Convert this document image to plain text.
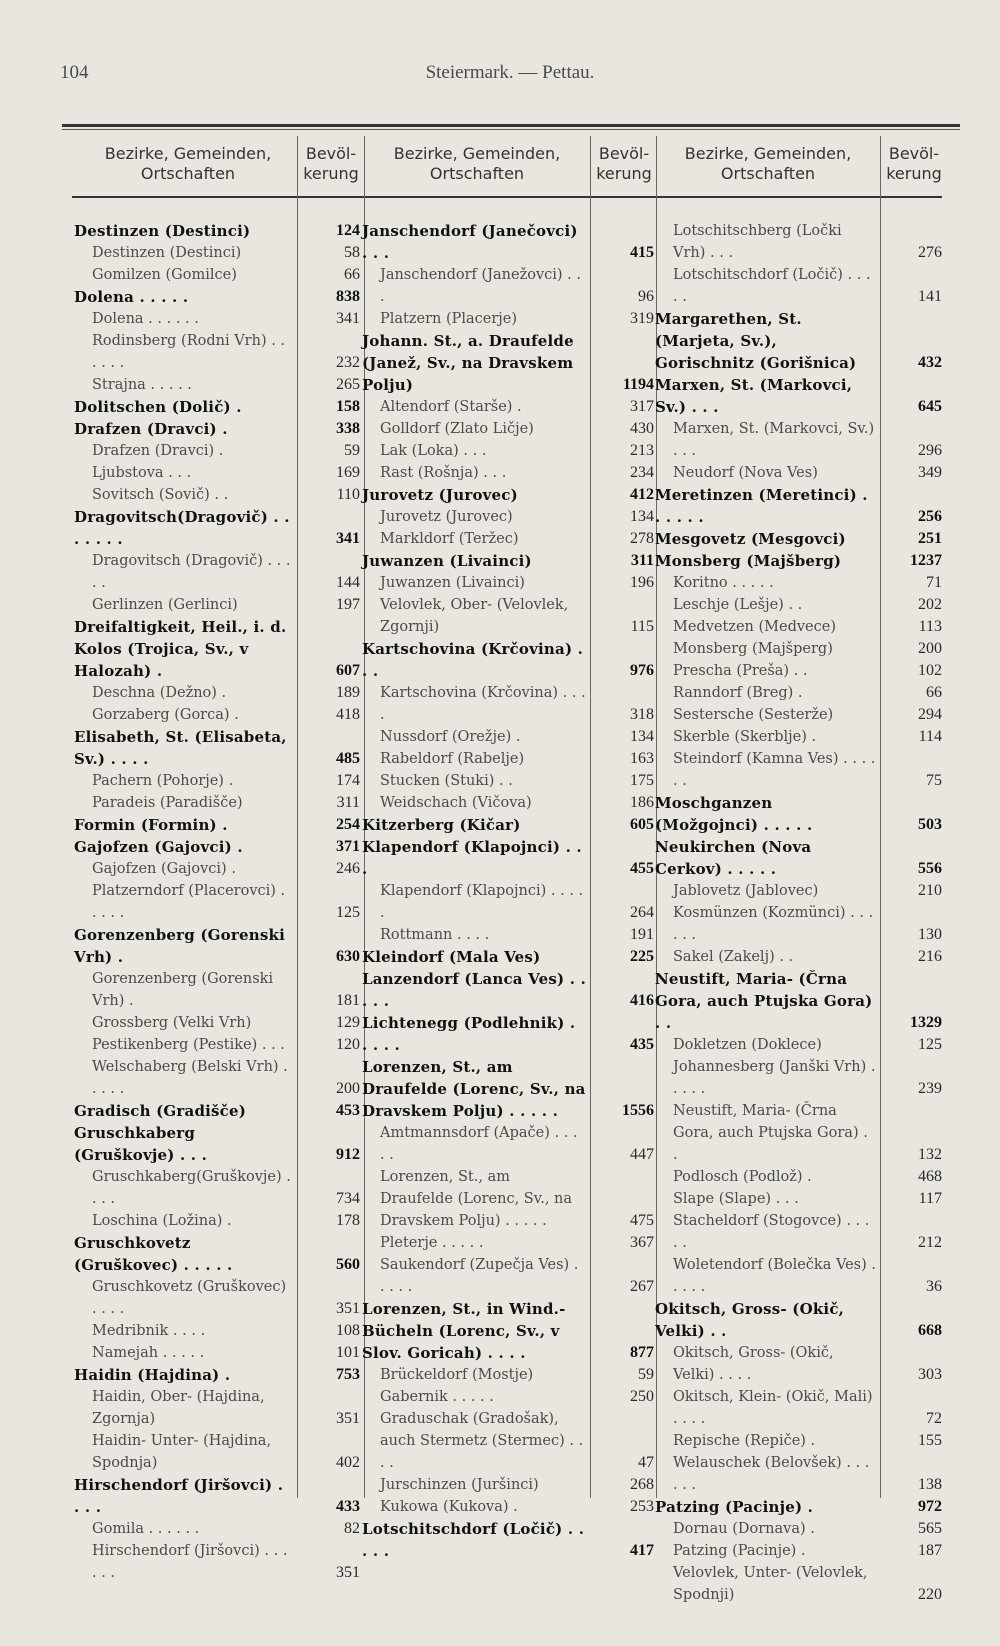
104	Steiermark. — Pettau.
Bezirke, Gemeinden, Ortschaften
Bevöl- kerung
Bezirke, Gemeinden, Ortschaften
Bevöl- kerung
Bezirke, Gemeinden, Ortschaften
Bevöl- kerung
Destinzen (Destinci)	124
Destinzen (Destinci)	58
Gomilzen (Gomilce)	66
Dolena . . . . .	838
Dolena . . . . . .	341
Rodinsberg (Rodni Vrh) . . . . . .	232
Strajna . . . . .	265
Dolitschen (Dolič) .	158
Drafzen (Dravci) .	338
Drafzen (Dravci) .	59
Ljubstova . . .	169
Sovitsch (Sovič) . .	110
Dragovitsch(Dragovič) . . . . . . .	341
Dragovitsch (Dragovič) . . . . .	144
Gerlinzen (Gerlinci)	197
Dreifaltigkeit, Heil., i. d. Kolos (Trojica, Sv., v Halozah) .	607
Deschna (Dežno) .	189
Gorzaberg (Gorca) .	418
Elisabeth, St. (Elisabeta, Sv.) . . . .	485
Pachern (Pohorje) .	174
Paradeis (Paradišče)	311
Formin (Formin) .	254
Gajofzen (Gajovci) .	371
Gajofzen (Gajovci) .	246
Platzerndorf (Placerovci) . . . . .	125
Gorenzenberg (Gorenski Vrh) .	630
Gorenzenberg (Gorenski Vrh) .	181
Grossberg (Velki Vrh)	129
Pestikenberg (Pestike) . . .	120
Welschaberg (Belski Vrh) . . . . .	200
Gradisch (Gradišče)	453
Gruschkaberg (Gruškovje) . . .	912
Gruschkaberg(Gruškovje) . . . .	734
Loschina (Ložina) .	178
Gruschkovetz (Gruškovec) . . . . .	560
Gruschkovetz (Gruškovec) . . . .	351
Medribnik . . . .	108
Namejah . . . . .	101
Haidin (Hajdina) .	753
Haidin, Ober- (Hajdina, Zgornja)	351
Haidin- Unter- (Hajdina, Spodnja)	402
Hirschendorf (Jiršovci) . . . .	433
Gomila . . . . . .	82
Hirschendorf (Jiršovci) . . . . . .	351
Janschendorf (Janečovci) . . .	415
Janschendorf (Janežovci) . . .	96
Platzern (Placerje)	319
Johann. St., a. Draufelde (Janež, Sv., na Dravskem Polju)	1194
Altendorf (Starše) .	317
Golldorf (Zlato Ličje)	430
Lak (Loka) . . .	213
Rast (Rošnja) . . .	234
Jurovetz (Jurovec)	412
Jurovetz (Jurovec)	134
Markldorf (Teržec)	278
Juwanzen (Livainci)	311
Juwanzen (Livainci)	196
Velovlek, Ober- (Velovlek, Zgornji)	115
Kartschovina (Krčovina) . . .	976
Kartschovina (Krčovina) . . . .	318
Nussdorf (Orežje) .	134
Rabeldorf (Rabelje)	163
Stucken (Stuki) . .	175
Weidschach (Vičova)	186
Kitzerberg (Kičar)	605
Klapendorf (Klapojnci) . . .	455
Klapendorf (Klapojnci) . . . . .	264
Rottmann . . . .	191
Kleindorf (Mala Ves)	225
Lanzendorf (Lanca Ves) . . . . .	416
Lichtenegg (Podlehnik) . . . . .	435
Lorenzen, St., am Draufelde (Lorenc, Sv., na Dravskem Polju) . . . . .	1556
Amtmannsdorf (Apače) . . . . .	447
Lorenzen, St., am Draufelde (Lorenc, Sv., na Dravskem Polju) . . . . .	475
Pleterje . . . . .	367
Saukendorf (Zupečja Ves) . . . . .	267
Lorenzen, St., in Wind.-Bücheln (Lorenc, Sv., v Slov. Goricah) . . . .	877
Brückeldorf (Mostje)	59
Gabernik . . . . .	250
Graduschak (Gradošak), auch Stermetz (Stermec) . . . .	47
Jurschinzen (Juršinci)	268
Kukowa (Kukova) .	253
Lotschitschdorf (Ločič) . . . . .	417
Lotschitschberg (Ločki Vrh) . . .	276
Lotschitschdorf (Ločič) . . . . .	141
Margarethen, St. (Marjeta, Sv.), Gorischnitz (Gorišnica)	432
Marxen, St. (Markovci, Sv.) . . .	645
Marxen, St. (Markovci, Sv.) . . .	296
Neudorf (Nova Ves)	349
Meretinzen (Meretinci) . . . . . .	256
Mesgovetz (Mesgovci)	251
Monsberg (Majšberg)	1237
Koritno . . . . .	71
Leschje (Lešje) . .	202
Medvetzen (Medvece)	113
Monsberg (Majšperg)	200
Prescha (Preša) . .	102
Ranndorf (Breg) .	66
Sestersche (Sesterže)	294
Skerble (Skerblje) .	114
Steindorf (Kamna Ves) . . . . . .	75
Moschganzen (Možgojnci) . . . . .	503
Neukirchen (Nova Cerkov) . . . . .	556
Jablovetz (Jablovec)	210
Kosmünzen (Kozmünci) . . . . . .	130
Sakel (Zakelj) . .	216
Neustift, Maria- (Črna Gora, auch Ptujska Gora) . .	1329
Dokletzen (Doklece)	125
Johannesberg (Janški Vrh) . . . . .	239
Neustift, Maria- (Črna Gora, auch Ptujska Gora) . .	132
Podlosch (Podlož) .	468
Slape (Slape) . . .	117
Stacheldorf (Stogovce) . . . . .	212
Woletendorf (Bolečka Ves) . . . . .	36
Okitsch, Gross- (Okič, Velki) . .	668
Okitsch, Gross- (Okič, Velki) . . . .	303
Okitsch, Klein- (Okič, Mali) . . . .	72
Repische (Repiče) .	155
Welauschek (Belovšek) . . . . . .	138
Patzing (Pacinje) .	972
Dornau (Dornava) .	565
Patzing (Pacinje) .	187
Velovlek, Unter- (Velovlek, Spodnji)	220
